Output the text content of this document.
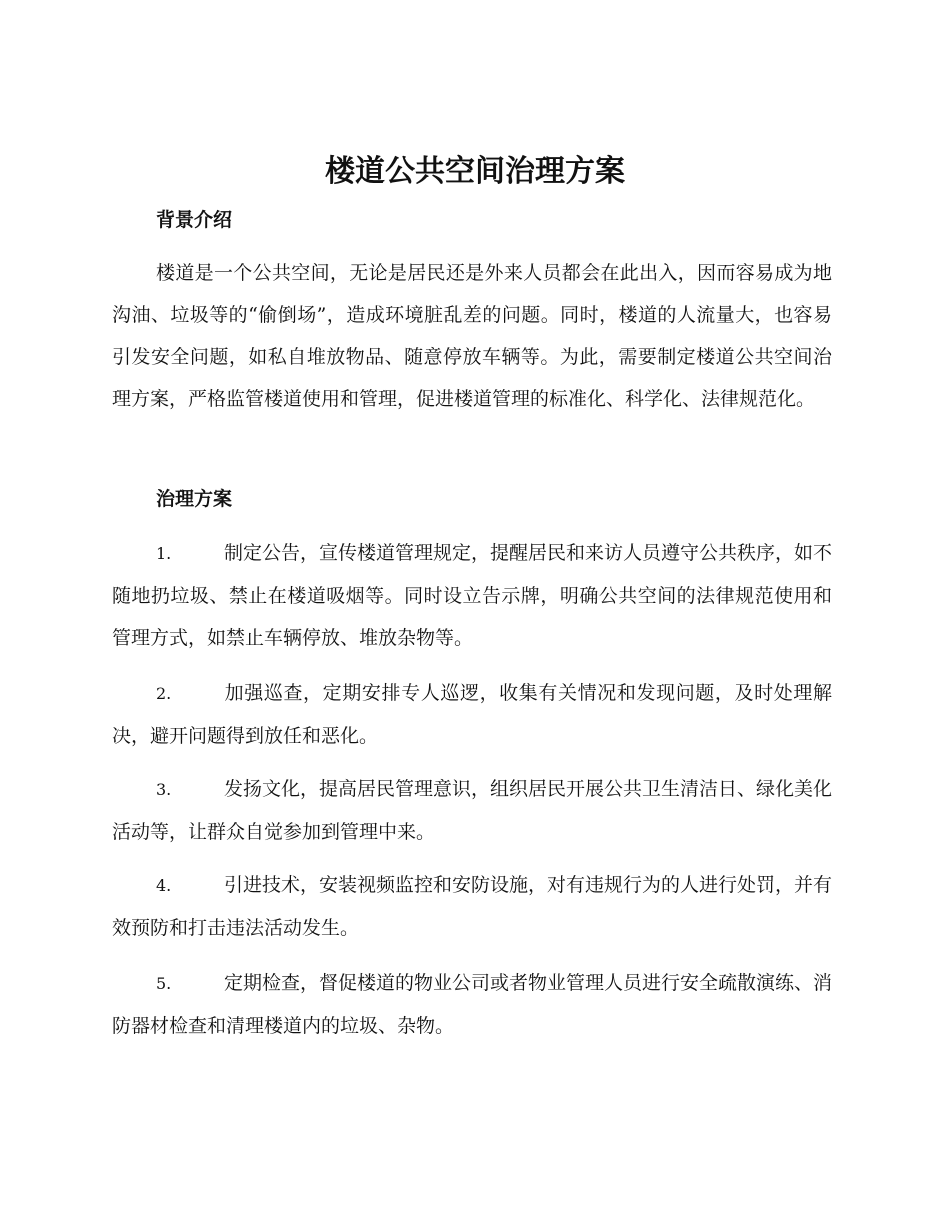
楼道公共空间治理方案
背景介绍

楼道是一个公共空间，无论是居民还是外来人员都会在此出入，因而容易成为地沟油、垃圾等的“偷倒场”，造成环境脏乱差的问题。同时，楼道的人流量大，也容易引发安全问题，如私自堆放物品、随意停放车辆等。为此，需要制定楼道公共空间治理方案，严格监管楼道使用和管理，促进楼道管理的标准化、科学化、法律规范化。

治理方案

1.	制定公告，宣传楼道管理规定，提醒居民和来访人员遵守公共秩序，如不随地扔垃圾、禁止在楼道吸烟等。同时设立告示牌，明确公共空间的法律规范使用和管理方式，如禁止车辆停放、堆放杂物等。

2.	加强巡查，定期安排专人巡逻，收集有关情况和发现问题，及时处理解决，避开问题得到放任和恶化。

3.	发扬文化，提高居民管理意识，组织居民开展公共卫生清洁日、绿化美化活动等，让群众自觉参加到管理中来。

4.	引进技术，安装视频监控和安防设施，对有违规行为的人进行处罚，并有效预防和打击违法活动发生。

5.	定期检查，督促楼道的物业公司或者物业管理人员进行安全疏散演练、消防器材检查和清理楼道内的垃圾、杂物。
